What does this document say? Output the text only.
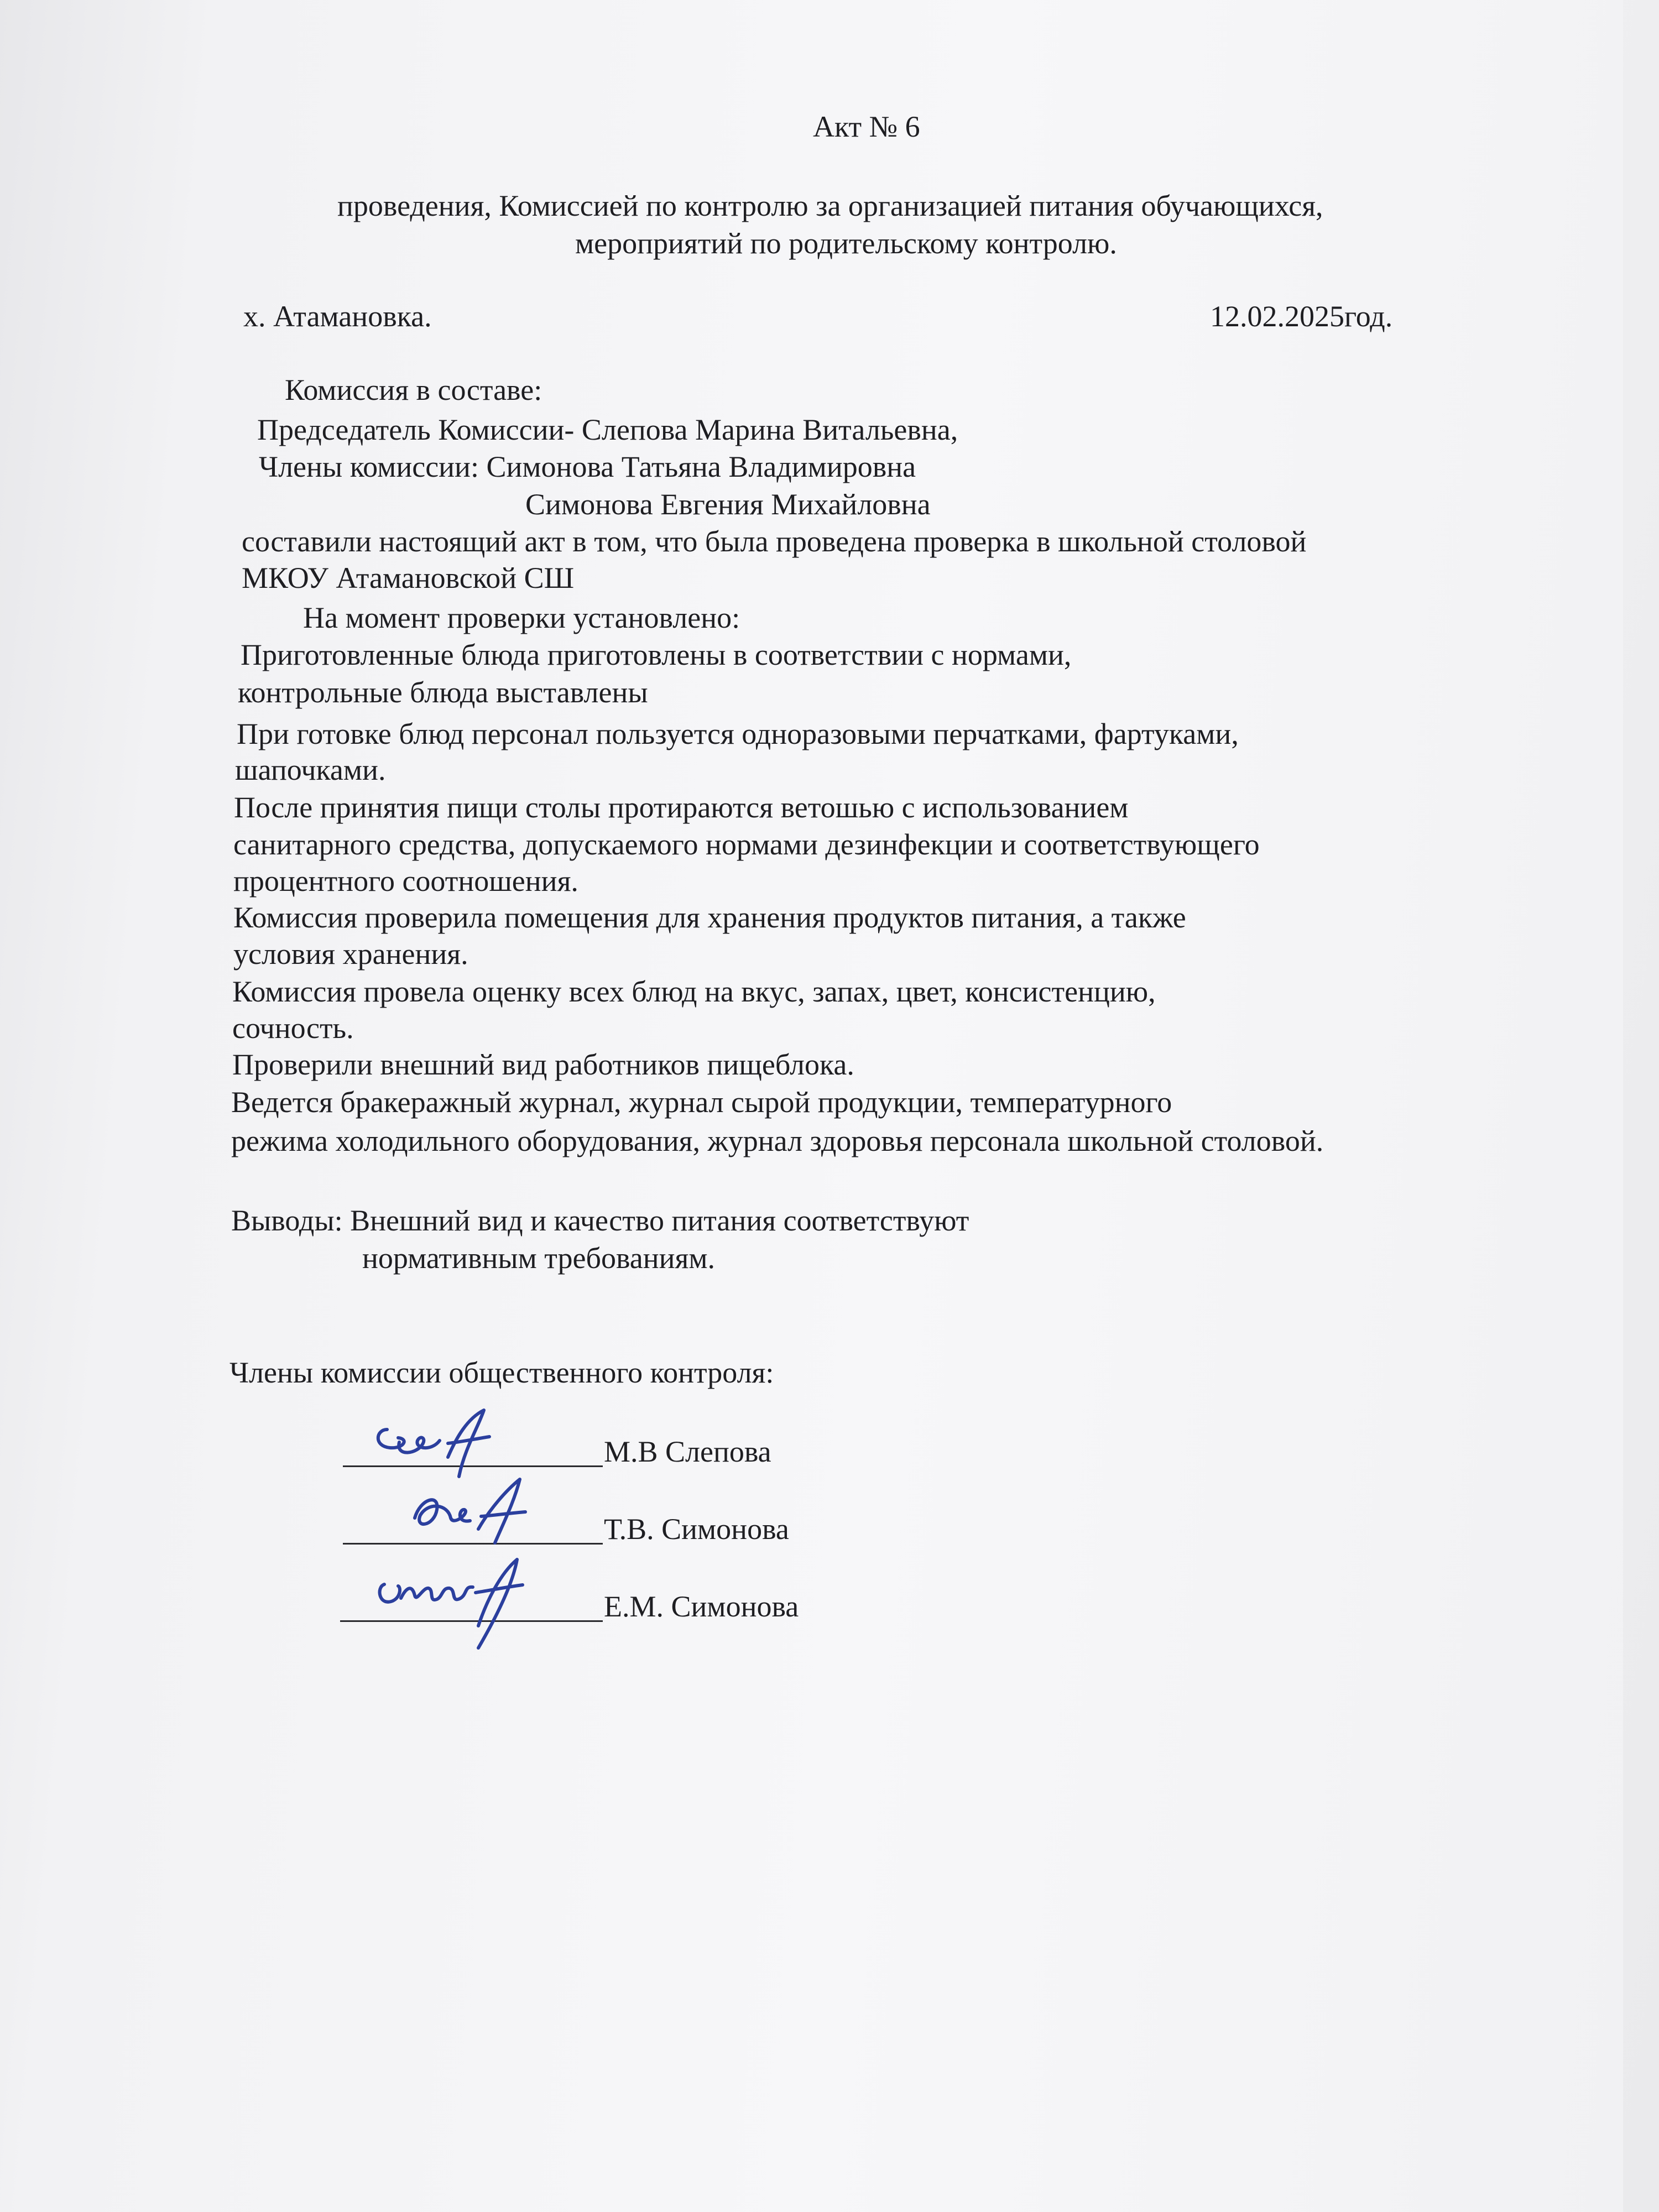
Акт № 6
проведения, Комиссией по контролю за организацией питания обучающихся,
мероприятий по родительскому контролю.
х. Атамановка.	12.02.2025год.
Комиссия в составе:
Председатель Комиссии- Слепова Марина Витальевна,
Члены комиссии: Симонова Татьяна Владимировна
Симонова Евгения Михайловна
составили настоящий акт в том, что была проведена проверка в школьной столовой
МКОУ Атамановской СШ
На момент проверки установлено:
Приготовленные блюда приготовлены в соответствии с нормами,
контрольные блюда выставлены
При готовке блюд персонал пользуется одноразовыми перчатками, фартуками,
шапочками.
После принятия пищи столы протираются ветошью с использованием
санитарного средства, допускаемого нормами дезинфекции и соответствующего
процентного соотношения.
Комиссия проверила помещения для хранения продуктов питания, а также
условия хранения.
Комиссия провела оценку всех блюд на вкус, запах, цвет, консистенцию,
сочность.
Проверили внешний вид работников пищеблока.
Ведется бракеражный журнал, журнал сырой продукции, температурного
режима холодильного оборудования, журнал здоровья персонала школьной столовой.
Выводы: Внешний вид и качество питания соответствуют
нормативным требованиям.
Члены комиссии общественного контроля:
М.В Слепова
Т.В. Симонова
Е.М. Симонова
